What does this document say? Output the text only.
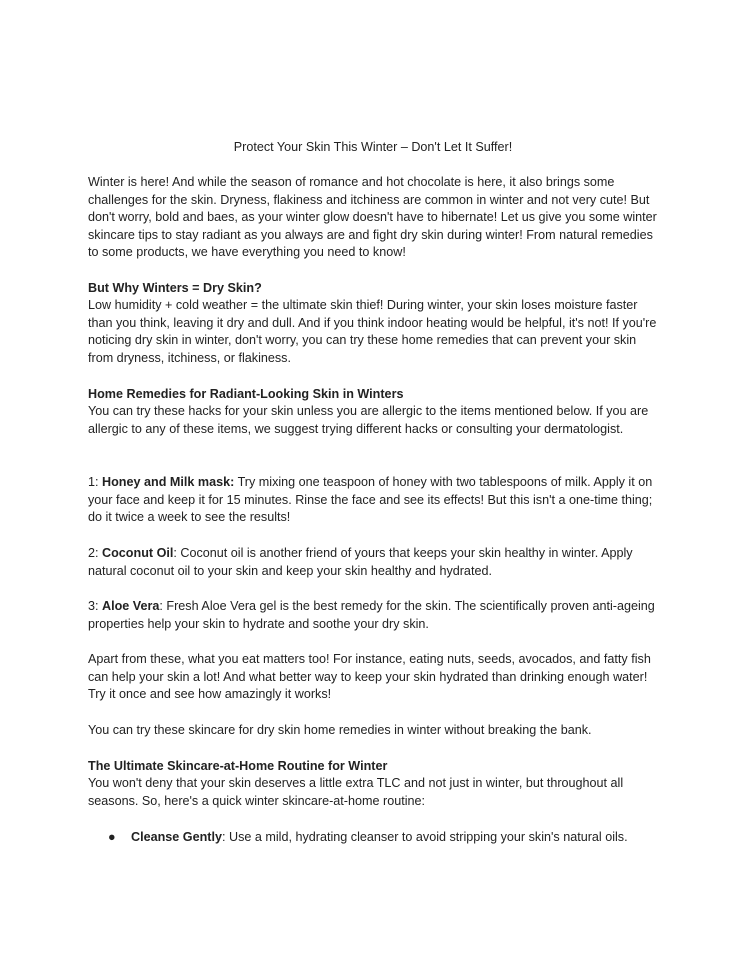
Protect Your Skin This Winter – Don't Let It Suffer!

Winter is here! And while the season of romance and hot chocolate is here, it also brings some challenges for the skin. Dryness, flakiness and itchiness are common in winter and not very cute! But don't worry, bold and baes, as your winter glow doesn't have to hibernate! Let us give you some winter skincare tips to stay radiant as you always are and fight dry skin during winter! From natural remedies to some products, we have everything you need to know!

But Why Winters = Dry Skin?

Low humidity + cold weather = the ultimate skin thief! During winter, your skin loses moisture faster than you think, leaving it dry and dull. And if you think indoor heating would be helpful, it's not! If you're noticing dry skin in winter, don't worry, you can try these home remedies that can prevent your skin from dryness, itchiness, or flakiness.

Home Remedies for Radiant-Looking Skin in Winters

You can try these hacks for your skin unless you are allergic to the items mentioned below. If you are allergic to any of these items, we suggest trying different hacks or consulting your dermatologist.

1: Honey and Milk mask: Try mixing one teaspoon of honey with two tablespoons of milk. Apply it on your face and keep it for 15 minutes. Rinse the face and see its effects! But this isn't a one-time thing; do it twice a week to see the results!

2: Coconut Oil: Coconut oil is another friend of yours that keeps your skin healthy in winter. Apply natural coconut oil to your skin and keep your skin healthy and hydrated.

3: Aloe Vera: Fresh Aloe Vera gel is the best remedy for the skin. The scientifically proven anti-ageing properties help your skin to hydrate and soothe your dry skin.

Apart from these, what you eat matters too! For instance, eating nuts, seeds, avocados, and fatty fish can help your skin a lot! And what better way to keep your skin hydrated than drinking enough water! Try it once and see how amazingly it works!

You can try these skincare for dry skin home remedies in winter without breaking the bank.

The Ultimate Skincare-at-Home Routine for Winter

You won't deny that your skin deserves a little extra TLC and not just in winter, but throughout all seasons. So, here's a quick winter skincare-at-home routine:

● Cleanse Gently: Use a mild, hydrating cleanser to avoid stripping your skin's natural oils.
